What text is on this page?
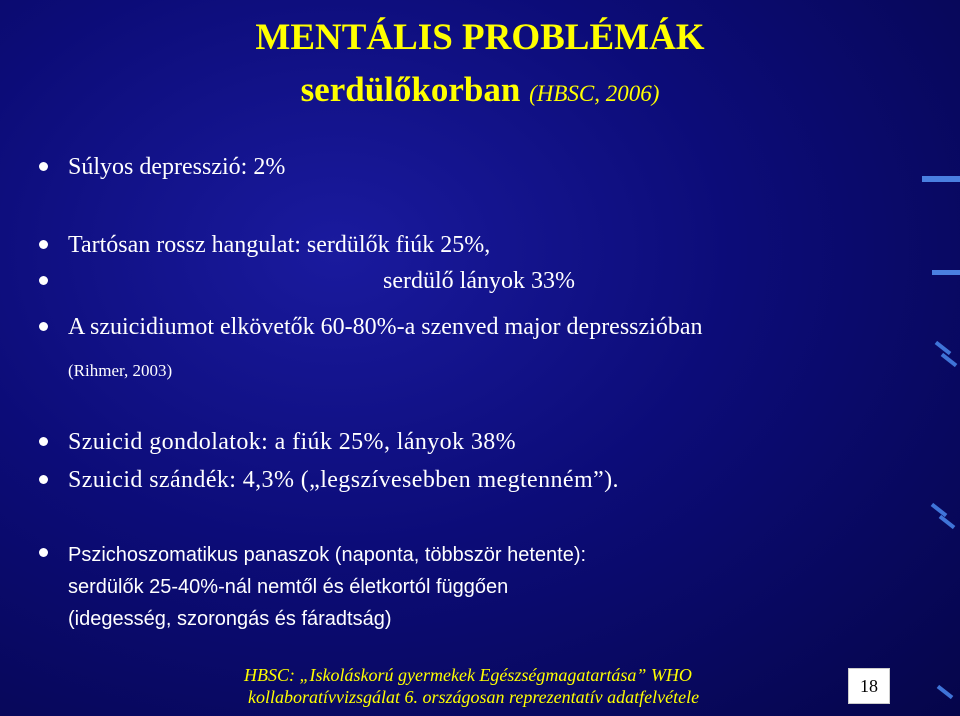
MENTÁLIS PROBLÉMÁK
serdülőkorban (HBSC, 2006)
Súlyos depresszió: 2%
Tartósan rossz hangulat: serdülők fiúk 25%,
serdülő lányok 33%
A szuicidiumot elkövetők 60-80%-a szenved major depresszióban
(Rihmer, 2003)
Szuicid gondolatok: a fiúk 25%, lányok 38%
Szuicid szándék: 4,3% („legszívesebben megtenném”).
Pszichoszomatikus panaszok (naponta, többször hetente):
serdülők 25-40%-nál nemtől és életkortól függően
(idegesség, szorongás és fáradtság)
HBSC: „Iskoláskorú gyermekek Egészségmagatartása” WHO
kollaboratívvizsgálat 6. országosan reprezentatív adatfelvétele
18
